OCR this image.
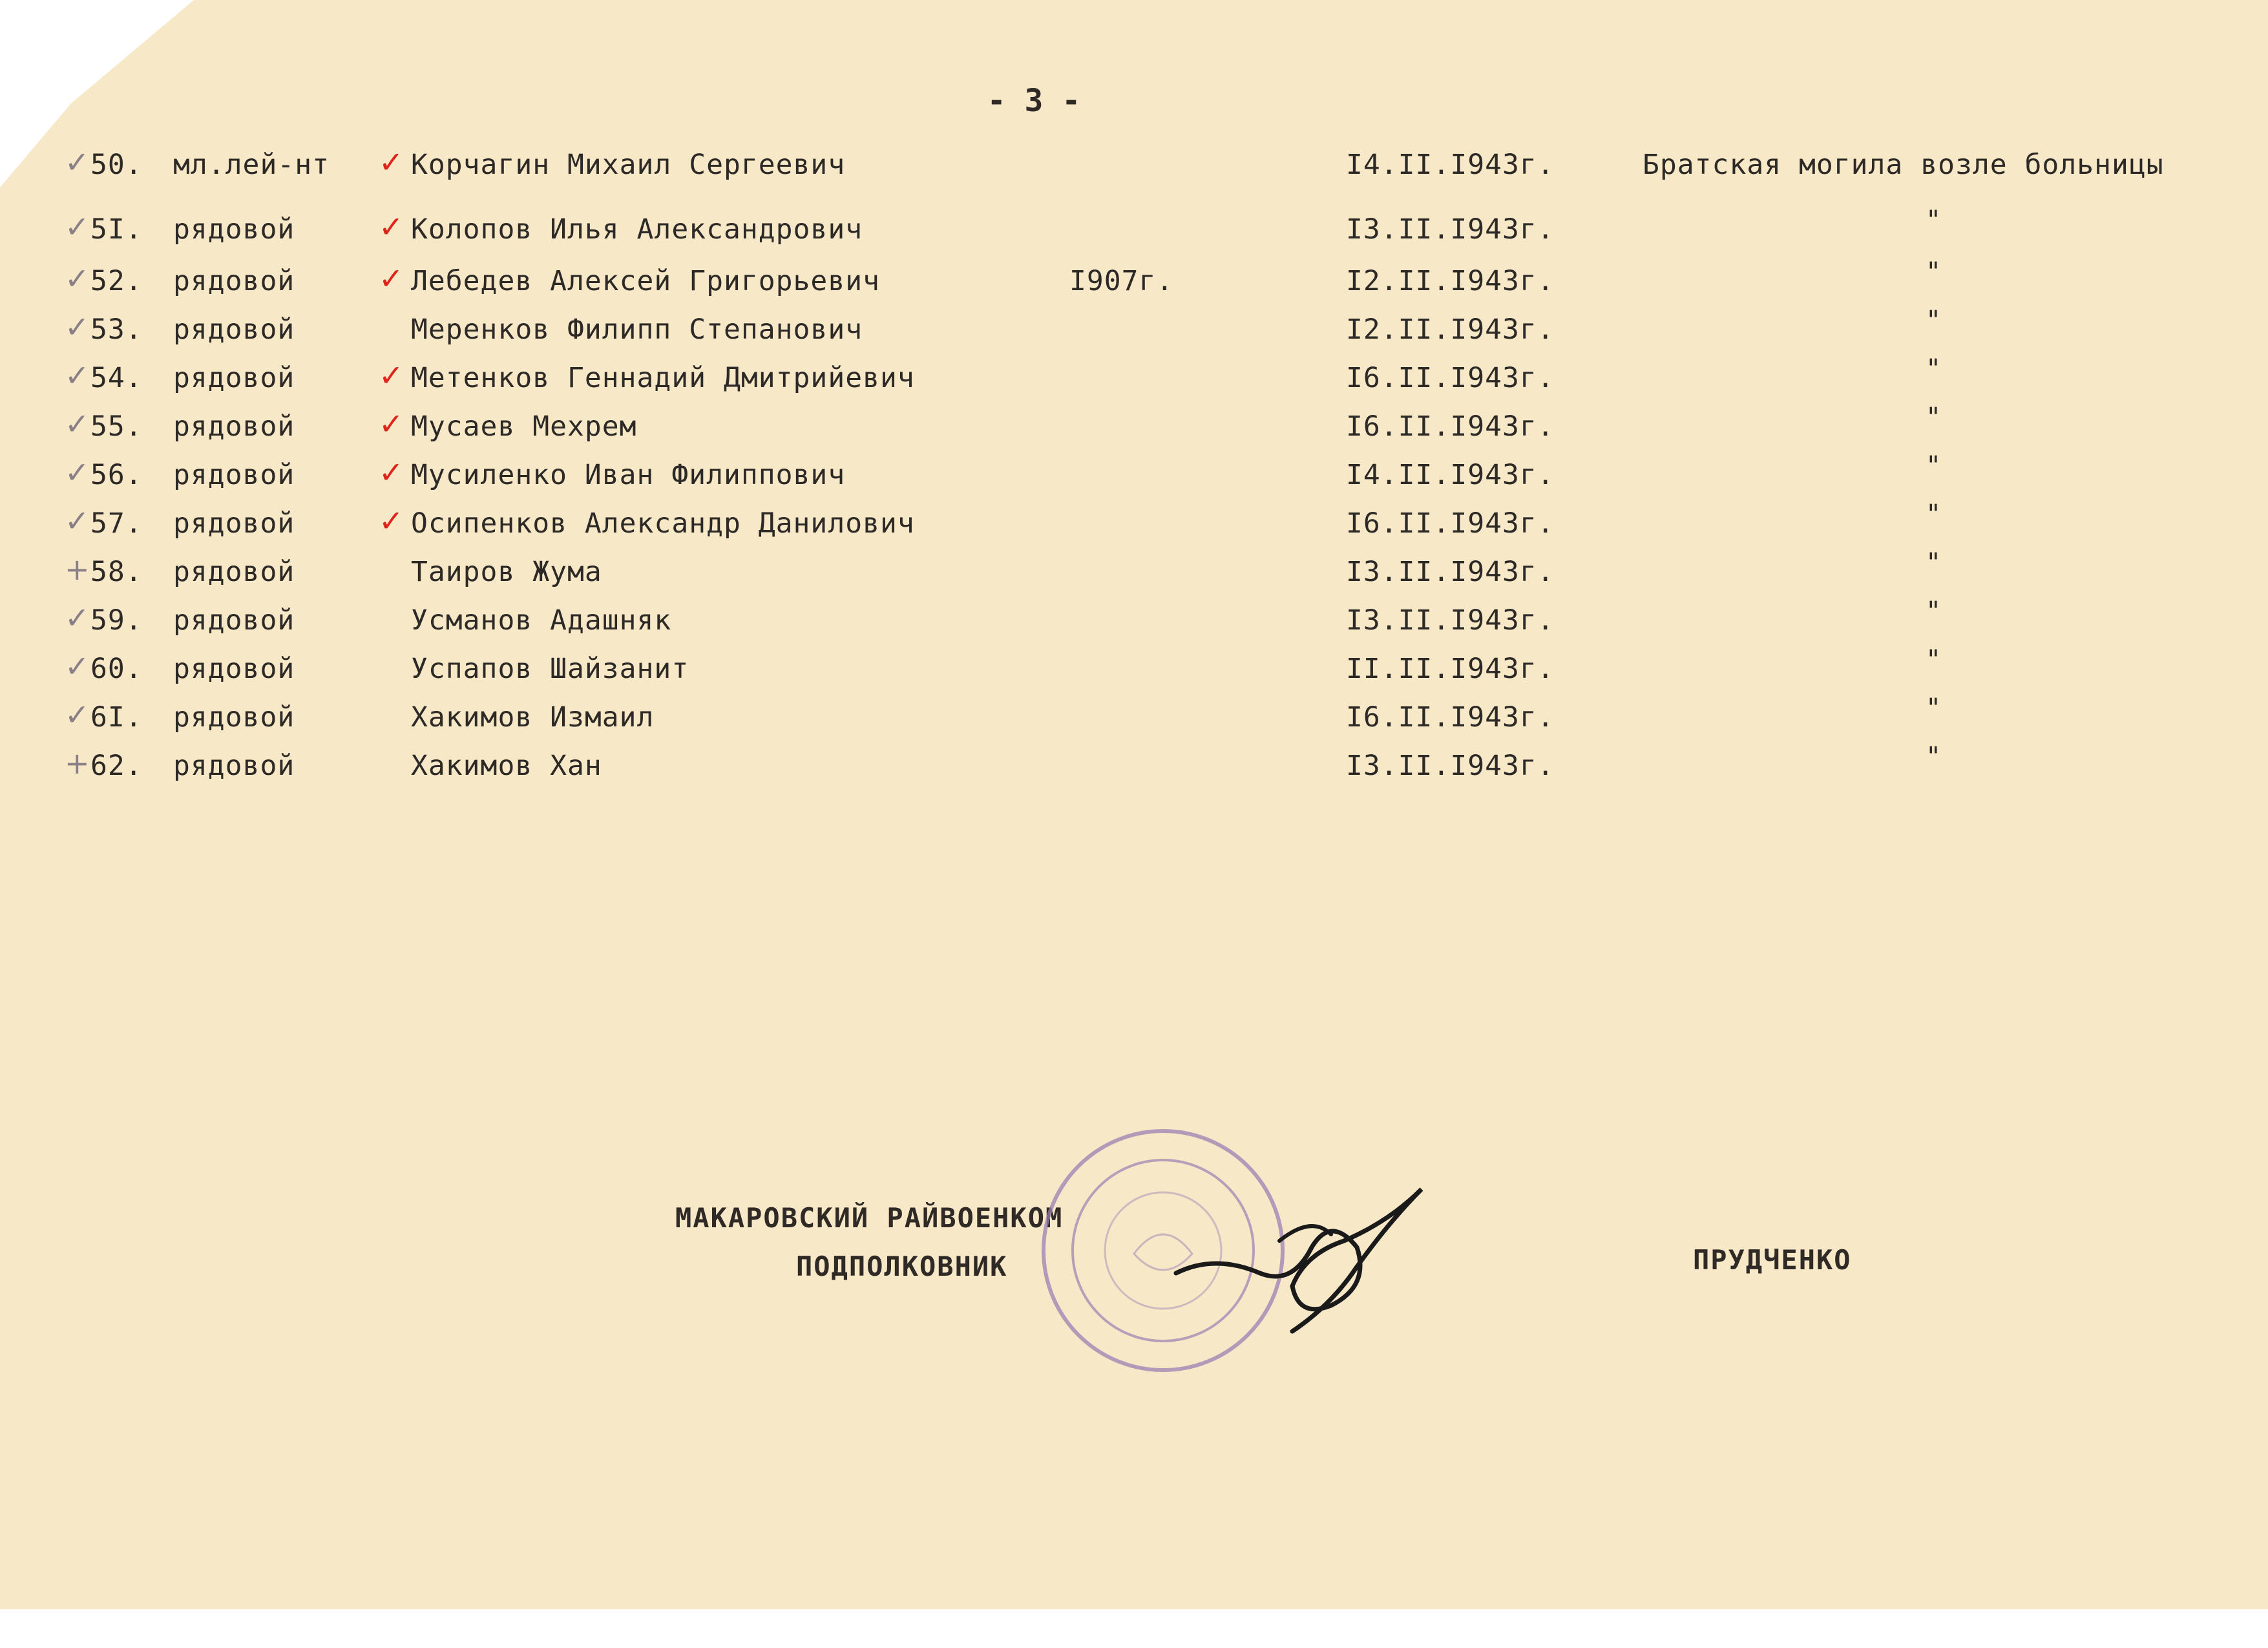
- 3 -
✓ 50. мл.лей-нт	Корчагин Михаил Сергеевич	I4.II.I943г.	Братская могила возле больницы
✓
✓ 5I. рядовой	Колопов Илья Александрович	I3.II.I943г.	"
✓
✓ 52. рядовой	Лебедев Алексей Григорьевич	I907г.	I2.II.I943г.	"
✓
✓ 53. рядовой	Меренков Филипп Степанович	I2.II.I943г.	"
✓ 54. рядовой	Метенков Геннадий Дмитрийевич	I6.II.I943г.	"
✓
✓ 55. рядовой	Мусаев Мехрем	I6.II.I943г.	"
✓
✓ 56. рядовой	Мусиленко Иван Филиппович	I4.II.I943г.	"
✓
✓ 57. рядовой	Осипенков Александр Данилович	I6.II.I943г.	"
✓
+ 58. рядовой	Таиров Жума	I3.II.I943г.	"
✓ 59. рядовой	Усманов Адашняк	I3.II.I943г.	"
✓ 60. рядовой	Успапов Шайзанит	II.II.I943г.	"
✓ 6I. рядовой	Хакимов Измаил	I6.II.I943г.	"
+ 62. рядовой	Хакимов Хан	I3.II.I943г.	"
МАКАРОВСКИЙ РАЙВОЕНКОМ
ПОДПОЛКОВНИК	ПРУДЧЕНКО
